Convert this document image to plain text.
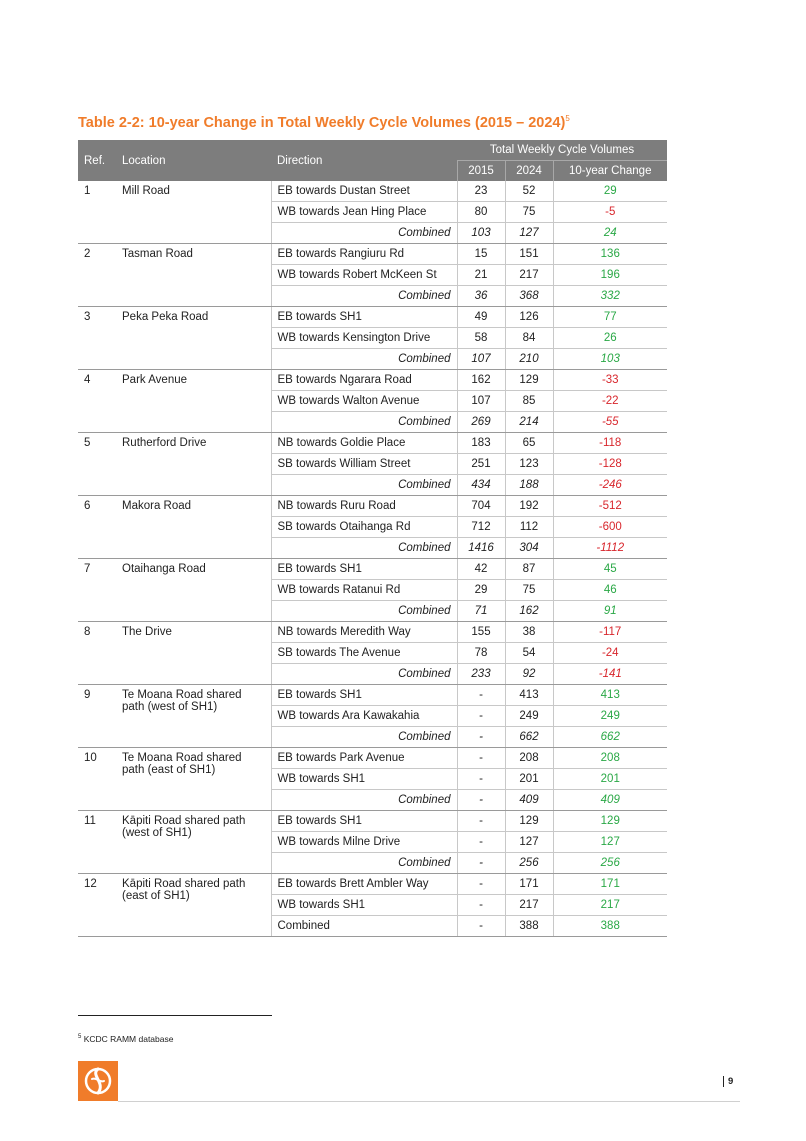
Table 2-2: 10-year Change in Total Weekly Cycle Volumes (2015 – 2024)$^5$
Ref.	Location	Direction	Total Weekly Cycle Volumes		
			2015	2024	10-year Change
1	Mill Road	EB towards Dustan Street	23	52	29
		WB towards Jean Hing Place	80	75	-5
		Combined	103	127	24
2	Tasman Road	EB towards Rangiuru Rd	15	151	136
		WB towards Robert McKeen St	21	217	196
		Combined	36	368	332
3	Peka Peka Road	EB towards SH1	49	126	77
		WB towards Kensington Drive	58	84	26
		Combined	107	210	103
4	Park Avenue	EB towards Ngarara Road	162	129	-33
		WB towards Walton Avenue	107	85	-22
		Combined	269	214	-55
5	Rutherford Drive	NB towards Goldie Place	183	65	-118
		SB towards William Street	251	123	-128
		Combined	434	188	-246
6	Makora Road	NB towards Ruru Road	704	192	-512
		SB towards Otaihanga Rd	712	112	-600
		Combined	1416	304	-1112
7	Otaihanga Road	EB towards SH1	42	87	45
		WB towards Ratanui Rd	29	75	46
		Combined	71	162	91
8	The Drive	NB towards Meredith Way	155	38	-117
		SB towards The Avenue	78	54	-24
		Combined	233	92	-141
9	Te Moana Road shared path (west of SH1)	EB towards SH1	-	413	413
		WB towards Ara Kawakahia	-	249	249
		Combined	-	662	662
10	Te Moana Road shared path (east of SH1)	EB towards Park Avenue	-	208	208
		WB towards SH1	-	201	201
		Combined	-	409	409
11	Kāpiti Road shared path (west of SH1)	EB towards SH1	-	129	129
		WB towards Milne Drive	-	127	127
		Combined	-	256	256
12	Kāpiti Road shared path (east of SH1)	EB towards Brett Ambler Way	-	171	171
		WB towards SH1	-	217	217
		Combined	-	388	388
$^5$ KCDC RAMM database
9
